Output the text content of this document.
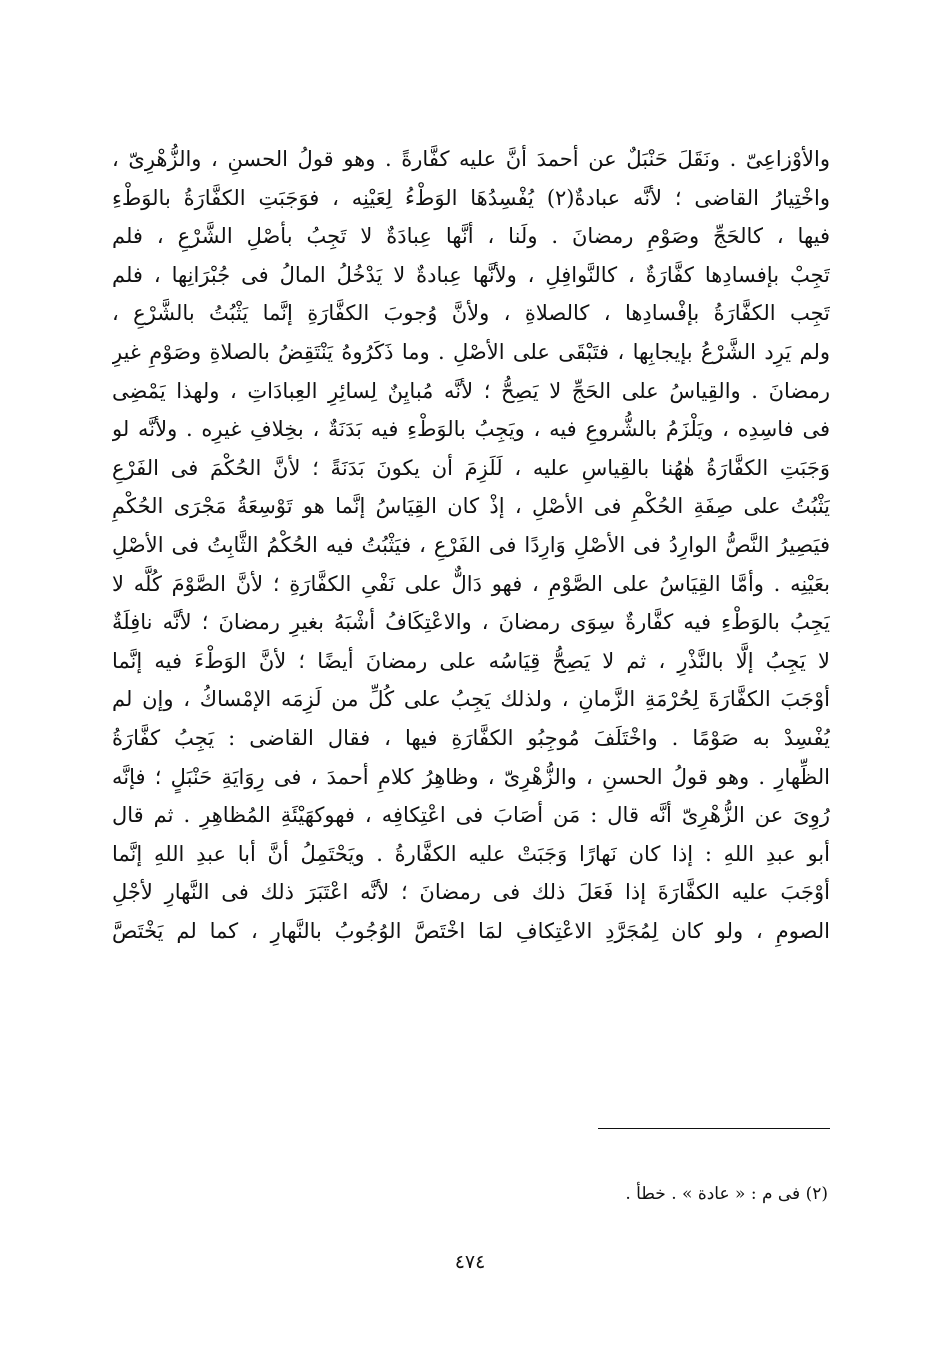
والأوْزاعِىّ . ونَقَلَ حَنْبَلٌ عن أحمدَ أنَّ عليه كفَّارةً . وهو قولُ الحسنِ ، والزُّهْرِىّ ،
واخْتِيارُ القاضى ؛ لأنَّه عبادةٌ(٢) يُفْسِدُهَا الوَطْءُ لِعَيْنِه ، فوَجَبَتِ الكفَّارَةُ بالوَطْءِ
فيها ، كالحَجِّ وصَوْمِ رمضانَ . ولَنا ، أنَّها عِبادَةٌ لا تَجِبُ بأصْلِ الشَّرْعِ ، فلم
تَجِبْ بإفسادِها كفَّارَةٌ ، كالنَّوافِلِ ، ولأنَّها عِبادةٌ لا يَدْخُلُ المالُ فى جُبْرَانِها ، فلم
تَجِب الكفَّارَةُ بإفْسادِها ، كالصلاةِ ، ولأنَّ وُجوبَ الكفَّارَةِ إنَّما يَثْبُتُ بالشَّرْعِ ،
ولم يَرِد الشَّرْعُ بإيجابِها ، فتَبْقَى على الأصْلِ . وما ذَكَرُوهُ يَنْتَقِضُ بالصلاةِ وصَوْمِ غيرِ
رمضانَ . والقِياسُ على الحَجِّ لا يَصِحُّ ؛ لأنَّه مُبايِنٌ لِسائِرِ العِبادَاتِ ، ولهذا يَمْضِى
فى فاسِدِه ، ويَلْزَمُ بالشُّروعِ فيه ، ويَجِبُ بالوَطْءِ فيه بَدَنَةٌ ، بخِلافِ غيرِه . ولأنَّه لو
وَجَبَتِ الكفَّارَةُ هٰهُنا بالقِياسِ عليه ، لَلَزِمَ أن يكونَ بَدَنَةً ؛ لأنَّ الحُكْمَ فى الفَرْعِ
يَثْبُتُ على صِفَةِ الحُكْمِ فى الأصْلِ ، إذْ كان القِيَاسُ إنَّما هو تَوْسِعَةُ مَجْرَى الحُكْمِ
فيَصِيرُ النَّصُّ الوارِدُ فى الأصْلِ وَارِدًا فى الفَرْعِ ، فيَثْبُتُ فيه الحُكْمُ الثَّابِتُ فى الأصْلِ
بعَيْنِه . وأمَّا القِيَاسُ على الصَّوْمِ ، فهو دَالٌّ على نَفْىِ الكفَّارَةِ ؛ لأنَّ الصَّوْمَ كُلَّه لا
يَجِبُ بالوَطْءِ فيه كفَّارةٌ سِوَى رمضانَ ، والاعْتِكَافُ أشْبَهُ بغيرِ رمضانَ ؛ لأنَّه نافِلَةٌ
لا يَجِبُ إلَّا بالنَّذْرِ ، ثم لا يَصِحُّ قِيَاسُه على رمضانَ أيضًا ؛ لأنَّ الوَطْءَ فيه إنَّما
أوْجَبَ الكفَّارَةَ لِحُرْمَةِ الزَّمانِ ، ولذلك يَجِبُ على كُلِّ من لَزِمَه الإمْساكُ ، وإن لم
يُفْسِدْ به صَوْمًا . واخْتَلَفَ مُوجِبُو الكفَّارَةِ فيها ، فقال القاضى : يَجِبُ كفَّارَةُ
الظِّهارِ . وهو قولُ الحسنِ ، والزُّهْرِىّ ، وظاهِرُ كلامِ أحمدَ ، فى رِوَايَةِ حَنْبَلٍ ؛ فإنَّه
رُوِىَ عن الزُّهْرِىّ أنَّه قال : مَن أصَابَ فى اعْتِكافِه ، فهوكهَيْئَةِ المُظاهِرِ . ثم قال
أبو عبدِ اللهِ : إذا كان نَهارًا وَجَبَتْ عليه الكفَّارةُ . ويَحْتَمِلُ أنَّ أبا عبدِ اللهِ إنَّما
أوْجَبَ عليه الكفَّارَةَ إذا فَعَلَ ذلك فى رمضانَ ؛ لأنَّه اعْتَبَرَ ذلك فى النَّهارِ لأجْلِ
الصومِ ، ولو كان لِمُجَرَّدِ الاعْتِكافِ لمَا اخْتَصَّ الوُجُوبُ بالنَّهارِ ، كما لم يَخْتَصَّ
(٢) فى م : « عادة » . خطأ .
٤٧٤
